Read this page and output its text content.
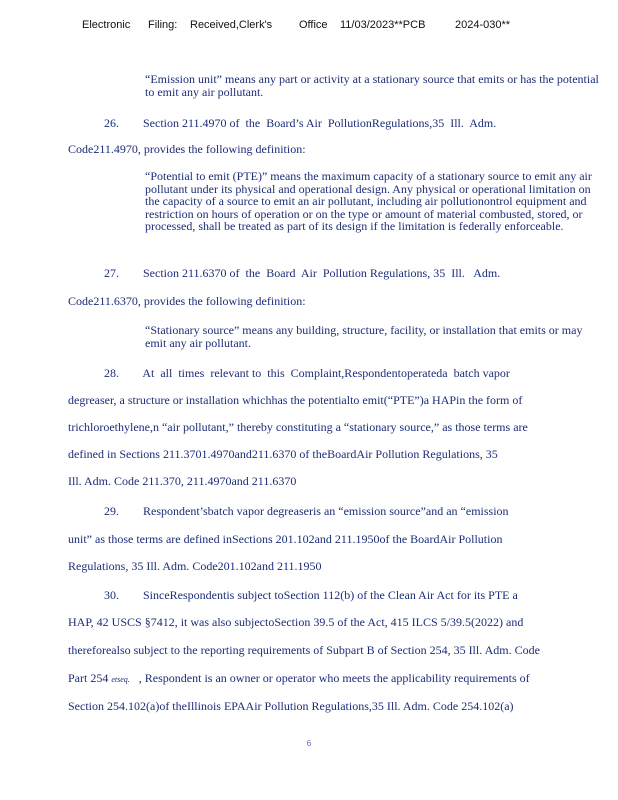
Electronic Filing: Received,Clerk's Office 11/03/2023**PCB	2024-030**
“Emission unit” means any part or activity at a stationary source that emits or has the potential to emit any air pollutant.
26.        Section 211.4970 of  the  Board’s Air  PollutionRegulations,35  Ill.  Adm.
Code211.4970, provides the following definition:
“Potential to emit (PTE)” means the maximum capacity of a stationary source to emit any air pollutant under its physical and operational design. Any physical or operational limitation on the capacity of a source to emit an air pollutant, including air pollutionontrol equipment and restriction on hours of operation or on the type or amount of material combusted, stored, or processed, shall be treated as part of its design if the limitation is federally enforceable.
27.        Section 211.6370 of  the  Board  Air  Pollution Regulations, 35  Ill.   Adm.
Code211.6370, provides the following definition:
“Stationary source” means any building, structure, facility, or installation that emits or may emit any air pollutant.
28.        At  all  times  relevant to  this  Complaint,Respondentoperateda  batch vapor
degreaser, a structure or installation whichhas the potentialto emit(“PTE”)a HAPin the form of
trichloroethylene,n “air pollutant,” thereby constituting a “stationary source,” as those terms are
defined in Sections 211.3701.4970and211.6370 of theBoardAir Pollution Regulations, 35
Ill. Adm. Code 211.370, 211.4970and 211.6370
29.        Respondent’sbatch vapor degreaseris an “emission source”and an “emission
unit” as those terms are defined inSections 201.102and 211.1950of the BoardAir Pollution
Regulations, 35 Ill. Adm. Code201.102and 211.1950
30.        SinceRespondentis subject toSection 112(b) of the Clean Air Act for its PTE a
HAP, 42 USCS §7412, it was also subjectoSection 39.5 of the Act, 415 ILCS 5/39.5(2022) and
thereforealso subject to the reporting requirements of Subpart B of Section 254, 35 Ill. Adm. Code
Part 254 etseq.   , Respondent is an owner or operator who meets the applicability requirements of
Section 254.102(a)of theIllinois EPAAir Pollution Regulations,35 Ill. Adm. Code 254.102(a)
6
